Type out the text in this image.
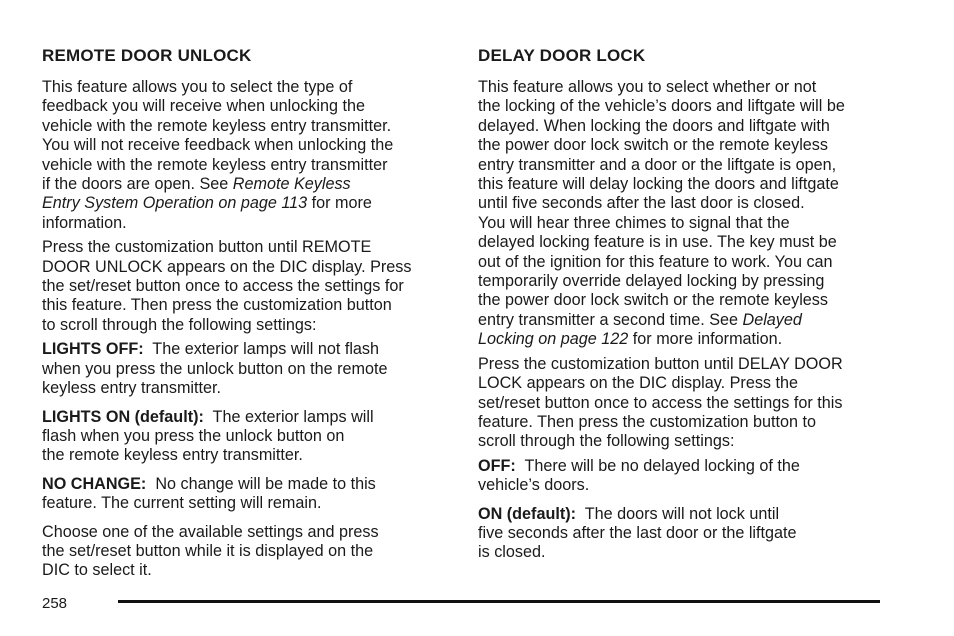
REMOTE DOOR UNLOCK

This feature allows you to select the type of
feedback you will receive when unlocking the
vehicle with the remote keyless entry transmitter.
You will not receive feedback when unlocking the
vehicle with the remote keyless entry transmitter
if the doors are open. See Remote Keyless
Entry System Operation on page 113 for more
information.

Press the customization button until REMOTE
DOOR UNLOCK appears on the DIC display. Press
the set/reset button once to access the settings for
this feature. Then press the customization button
to scroll through the following settings:

LIGHTS OFF:  The exterior lamps will not flash
when you press the unlock button on the remote
keyless entry transmitter.

LIGHTS ON (default):  The exterior lamps will
flash when you press the unlock button on
the remote keyless entry transmitter.

NO CHANGE:  No change will be made to this
feature. The current setting will remain.

Choose one of the available settings and press
the set/reset button while it is displayed on the
DIC to select it.

DELAY DOOR LOCK

This feature allows you to select whether or not
the locking of the vehicle’s doors and liftgate will be
delayed. When locking the doors and liftgate with
the power door lock switch or the remote keyless
entry transmitter and a door or the liftgate is open,
this feature will delay locking the doors and liftgate
until five seconds after the last door is closed.
You will hear three chimes to signal that the
delayed locking feature is in use. The key must be
out of the ignition for this feature to work. You can
temporarily override delayed locking by pressing
the power door lock switch or the remote keyless
entry transmitter a second time. See Delayed
Locking on page 122 for more information.

Press the customization button until DELAY DOOR
LOCK appears on the DIC display. Press the
set/reset button once to access the settings for this
feature. Then press the customization button to
scroll through the following settings:

OFF:  There will be no delayed locking of the
vehicle’s doors.

ON (default):  The doors will not lock until
five seconds after the last door or the liftgate
is closed.

258
